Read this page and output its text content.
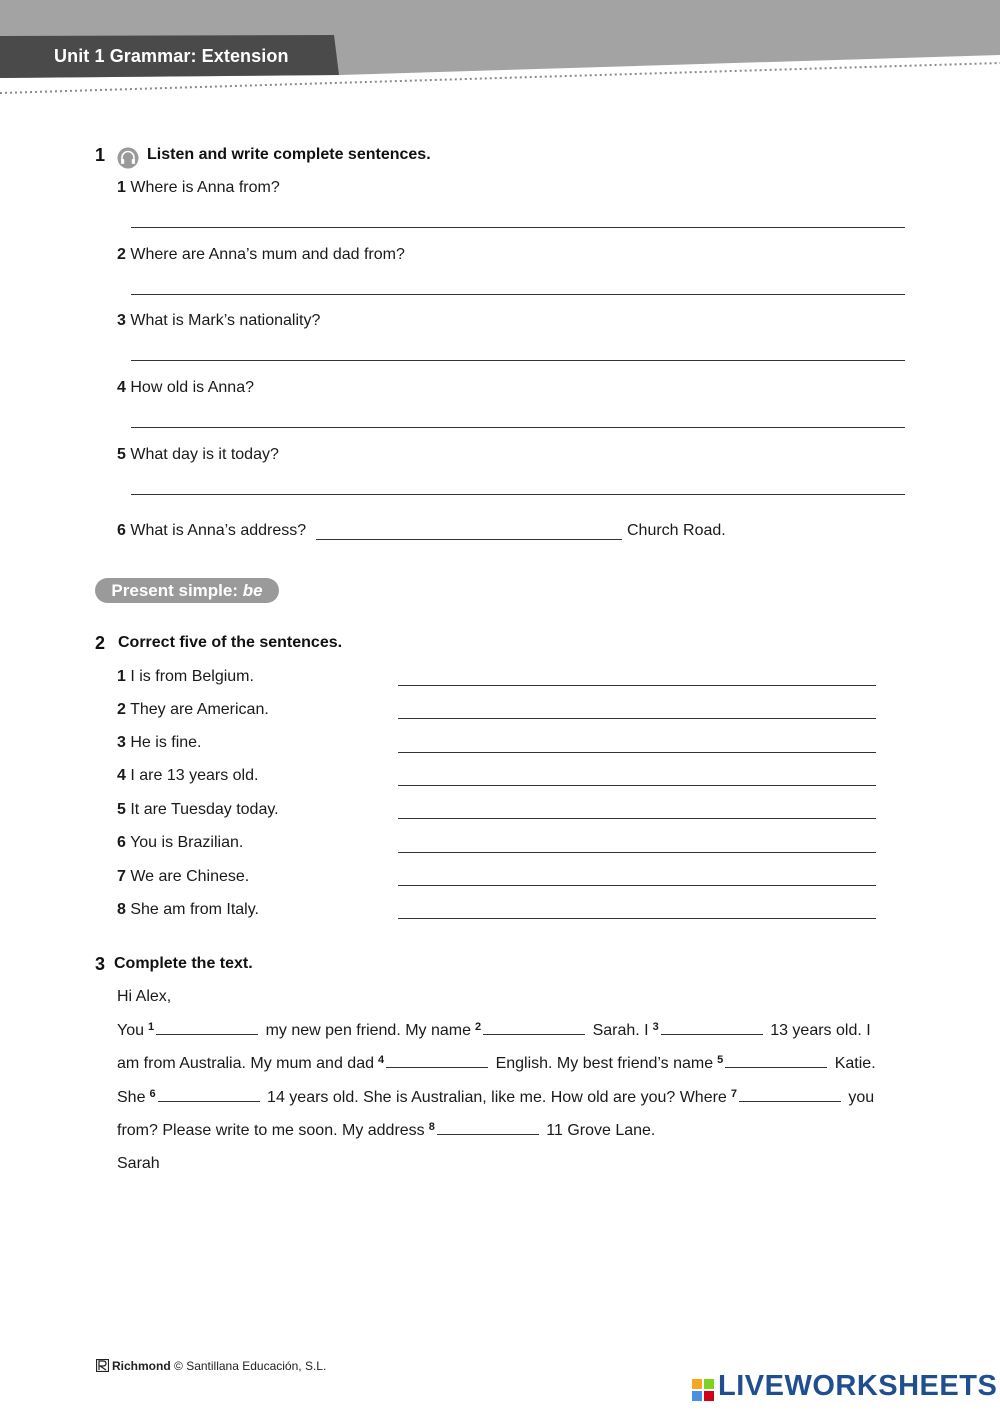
Unit 1 Grammar: Extension
1	Listen and write complete sentences.
1 Where is Anna from?
2 Where are Anna’s mum and dad from?
3 What is Mark’s nationality?
4 How old is Anna?
5 What day is it today?
6 What is Anna’s address?	Church Road.
Present simple: be
2 Correct five of the sentences.
1 I is from Belgium.
2 They are American.
3 He is fine.
4 I are 13 years old.
5 It are Tuesday today.
6 You is Brazilian.
7 We are Chinese.
8 She am from Italy.
3 Complete the text.
Hi Alex,
You $^1$	my new pen friend. My name $^2$	Sarah. I $^3$	13 years old. I
am from Australia. My mum and dad $^4$	English. My best friend’s name $^5$	Katie.
She $^6$	14 years old. She is Australian, like me. How old are you? Where $^7$	you
from? Please write to me soon. My address $^8$	11 Grove Lane.
Sarah
Richmond © Santillana Educación, S.L.
LIVEWORKSHEETS
